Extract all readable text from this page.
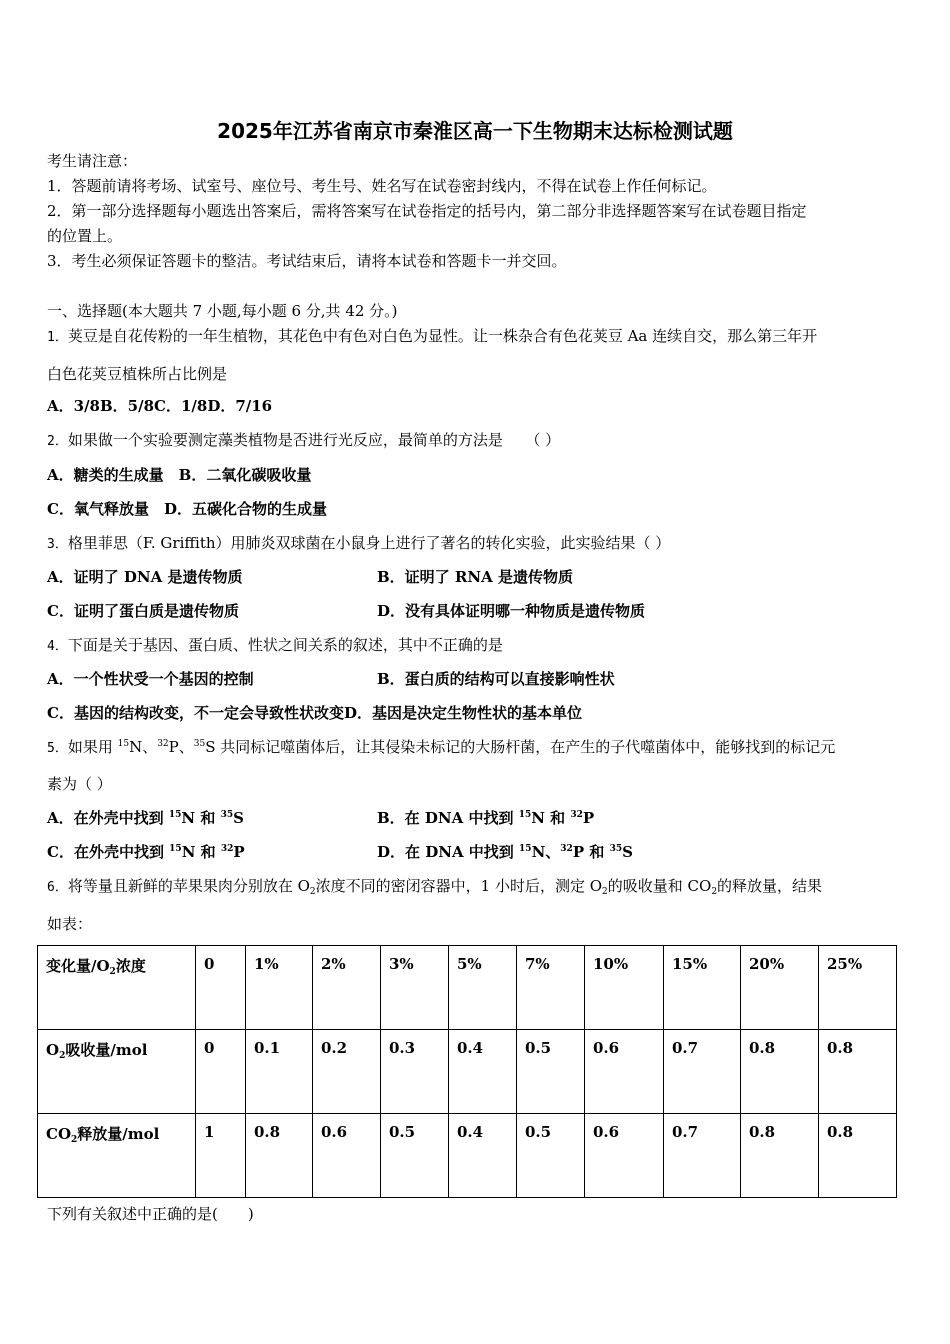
2025年江苏省南京市秦淮区高一下生物期末达标检测试题
考生请注意：
1．答题前请将考场、试室号、座位号、考生号、姓名写在试卷密封线内，不得在试卷上作任何标记。
2．第一部分选择题每小题选出答案后，需将答案写在试卷指定的括号内，第二部分非选择题答案写在试卷题目指定
的位置上。
3．考生必须保证答题卡的整洁。考试结束后，请将本试卷和答题卡一并交回。
一、选择题(本大题共 7 小题,每小题 6 分,共 42 分。)
1．荚豆是自花传粉的一年生植物，其花色中有色对白色为显性。让一株杂合有色花荚豆 Aa 连续自交，那么第三年开
白色花荚豆植株所占比例是
A．3/8B．5/8C．1/8D．7/16
2．如果做一个实验要测定藻类植物是否进行光反应，最简单的方法是　　（ ）
A．糖类的生成量　B．二氧化碳吸收量
C．氧气释放量　D．五碳化合物的生成量
3．格里菲思（F. Griffith）用肺炎双球菌在小鼠身上进行了著名的转化实验，此实验结果（ ）
A．证明了 DNA 是遗传物质	B．证明了 RNA 是遗传物质
C．证明了蛋白质是遗传物质	D．没有具体证明哪一种物质是遗传物质
4．下面是关于基因、蛋白质、性状之间关系的叙述，其中不正确的是
A．一个性状受一个基因的控制	B．蛋白质的结构可以直接影响性状
C．基因的结构改变，不一定会导致性状改变D．基因是决定生物性状的基本单位
5．如果用 $^{15}$N、$^{32}$P、$^{35}$S 共同标记噬菌体后，让其侵染未标记的大肠杆菌，在产生的子代噬菌体中，能够找到的标记元
素为（ ）
A．在外壳中找到 $^{15}$N 和 $^{35}$S	B．在 DNA 中找到 $^{15}$N 和 $^{32}$P
C．在外壳中找到 $^{15}$N 和 $^{32}$P	D．在 DNA 中找到 $^{15}$N、$^{32}$P 和 $^{35}$S
6．将等量且新鲜的苹果果肉分别放在 $O_2$浓度不同的密闭容器中，1 小时后，测定 $O_2$的吸收量和 $CO_2$的释放量，结果
如表：
变化量$/O_2$浓度	0	1%	2%	3%	5%	7%	10%	15%	20%	25%
$O_2$吸收量/mol	0	0.1	0.2	0.3	0.4	0.5	0.6	0.7	0.8	0.8
$CO_2$释放量/mol	1	0.8	0.6	0.5	0.4	0.5	0.6	0.7	0.8	0.8
下列有关叙述中正确的是(　　)
